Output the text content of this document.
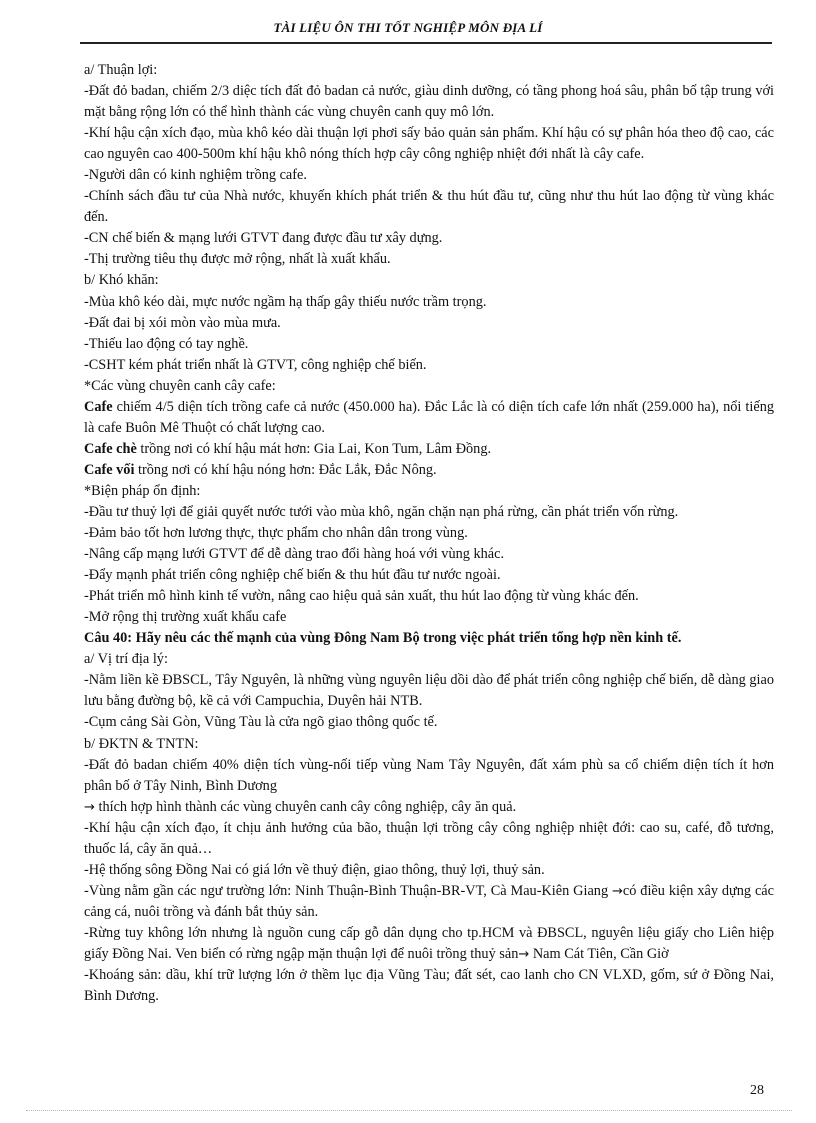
TÀI LIỆU ÔN THI TỐT NGHIỆP MÔN ĐỊA LÍ

a/ Thuận lợi:

-Đất đỏ badan, chiếm 2/3 diệc tích đất đỏ badan cả nước, giàu dinh dưỡng, có tầng phong hoá sâu, phân bố tập trung với mặt bằng rộng lớn có thể hình thành các vùng chuyên canh quy mô lớn.

-Khí hậu cận xích đạo, mùa khô kéo dài thuận lợi phơi sấy bảo quản sản phẩm. Khí hậu có sự phân hóa theo độ cao, các cao nguyên cao 400-500m khí hậu khô nóng thích hợp cây công nghiệp nhiệt đới nhất là cây cafe.

-Người dân có kinh nghiệm trồng cafe.

-Chính sách đầu tư của Nhà nước, khuyến khích phát triển & thu hút đầu tư, cũng như thu hút lao động từ vùng khác đến.

-CN chế biến & mạng lưới GTVT đang được đầu tư xây dựng.

-Thị trường tiêu thụ được mở rộng, nhất là xuất khẩu.

b/ Khó khăn:

-Mùa khô kéo dài, mực nước ngầm hạ thấp gây thiếu nước trầm trọng.

-Đất đai bị xói mòn vào mùa mưa.

-Thiếu lao động có tay nghề.

-CSHT kém phát triển nhất là GTVT, công nghiệp chế biến.

*Các vùng chuyên canh cây cafe:

Cafe chiếm 4/5 diện tích trồng cafe cả nước (450.000 ha). Đắc Lắc là có diện tích cafe lớn nhất (259.000 ha), nổi tiếng là cafe Buôn Mê Thuột có chất lượng cao.

Cafe chè trồng nơi có khí hậu mát hơn: Gia Lai, Kon Tum, Lâm Đồng.

Cafe vối trồng nơi có khí hậu nóng hơn: Đắc Lắk, Đắc Nông.

*Biện pháp ổn định:

-Đầu tư thuỷ lợi để giải quyết nước tưới vào mùa khô, ngăn chặn nạn phá rừng, cần phát triển vốn rừng.

-Đảm bảo tốt hơn lương thực, thực phẩm cho nhân dân trong vùng.

-Nâng cấp mạng lưới GTVT để dễ dàng trao đổi hàng hoá với vùng khác.

-Đẩy mạnh phát triển công nghiệp chế biến & thu hút đầu tư nước ngoài.

-Phát triển mô hình kinh tế vườn, nâng cao hiệu quả sản xuất, thu hút lao động từ vùng khác đến.

-Mở rộng thị trường xuất khẩu cafe

Câu 40: Hãy nêu các thế mạnh của vùng Đông Nam Bộ trong việc phát triển tổng hợp nền kinh tế.

a/ Vị trí địa lý:

-Nằm liền kề ĐBSCL, Tây Nguyên, là những vùng nguyên liệu dồi dào để phát triển công nghiệp chế biến, dễ dàng giao lưu bằng đường bộ, kề cả với Campuchia, Duyên hải NTB.

-Cụm cảng Sài Gòn, Vũng Tàu là cửa ngõ giao thông quốc tế.

b/ ĐKTN & TNTN:

-Đất đỏ badan chiếm 40% diện tích vùng-nối tiếp vùng Nam Tây Nguyên, đất xám phù sa cổ chiếm diện tích ít hơn phân bố ở Tây Ninh, Bình Dương

→ thích hợp hình thành các vùng chuyên canh cây công nghiệp, cây ăn quả.

-Khí hậu cận xích đạo, ít chịu ảnh hưởng của bão, thuận lợi trồng cây công nghiệp nhiệt đới: cao su, café, đỗ tương, thuốc lá, cây ăn quả…

-Hệ thống sông Đồng Nai có giá lớn về thuỷ điện, giao thông, thuỷ lợi, thuỷ sản.

-Vùng nằm gần các ngư trường lớn: Ninh Thuận-Bình Thuận-BR-VT, Cà Mau-Kiên Giang →có điều kiện xây dựng các cảng cá, nuôi trồng và đánh bắt thủy sản.

-Rừng tuy không lớn nhưng là nguồn cung cấp gỗ dân dụng cho tp.HCM và ĐBSCL, nguyên liệu giấy cho Liên hiệp giấy Đồng Nai. Ven biển có rừng ngập mặn thuận lợi để nuôi trồng thuỷ sản→ Nam Cát Tiên, Cần Giờ

-Khoáng sản: dầu, khí trữ lượng lớn ở thềm lục địa Vũng Tàu; đất sét, cao lanh cho CN VLXD, gốm, sứ ở Đồng Nai, Bình Dương.

28
